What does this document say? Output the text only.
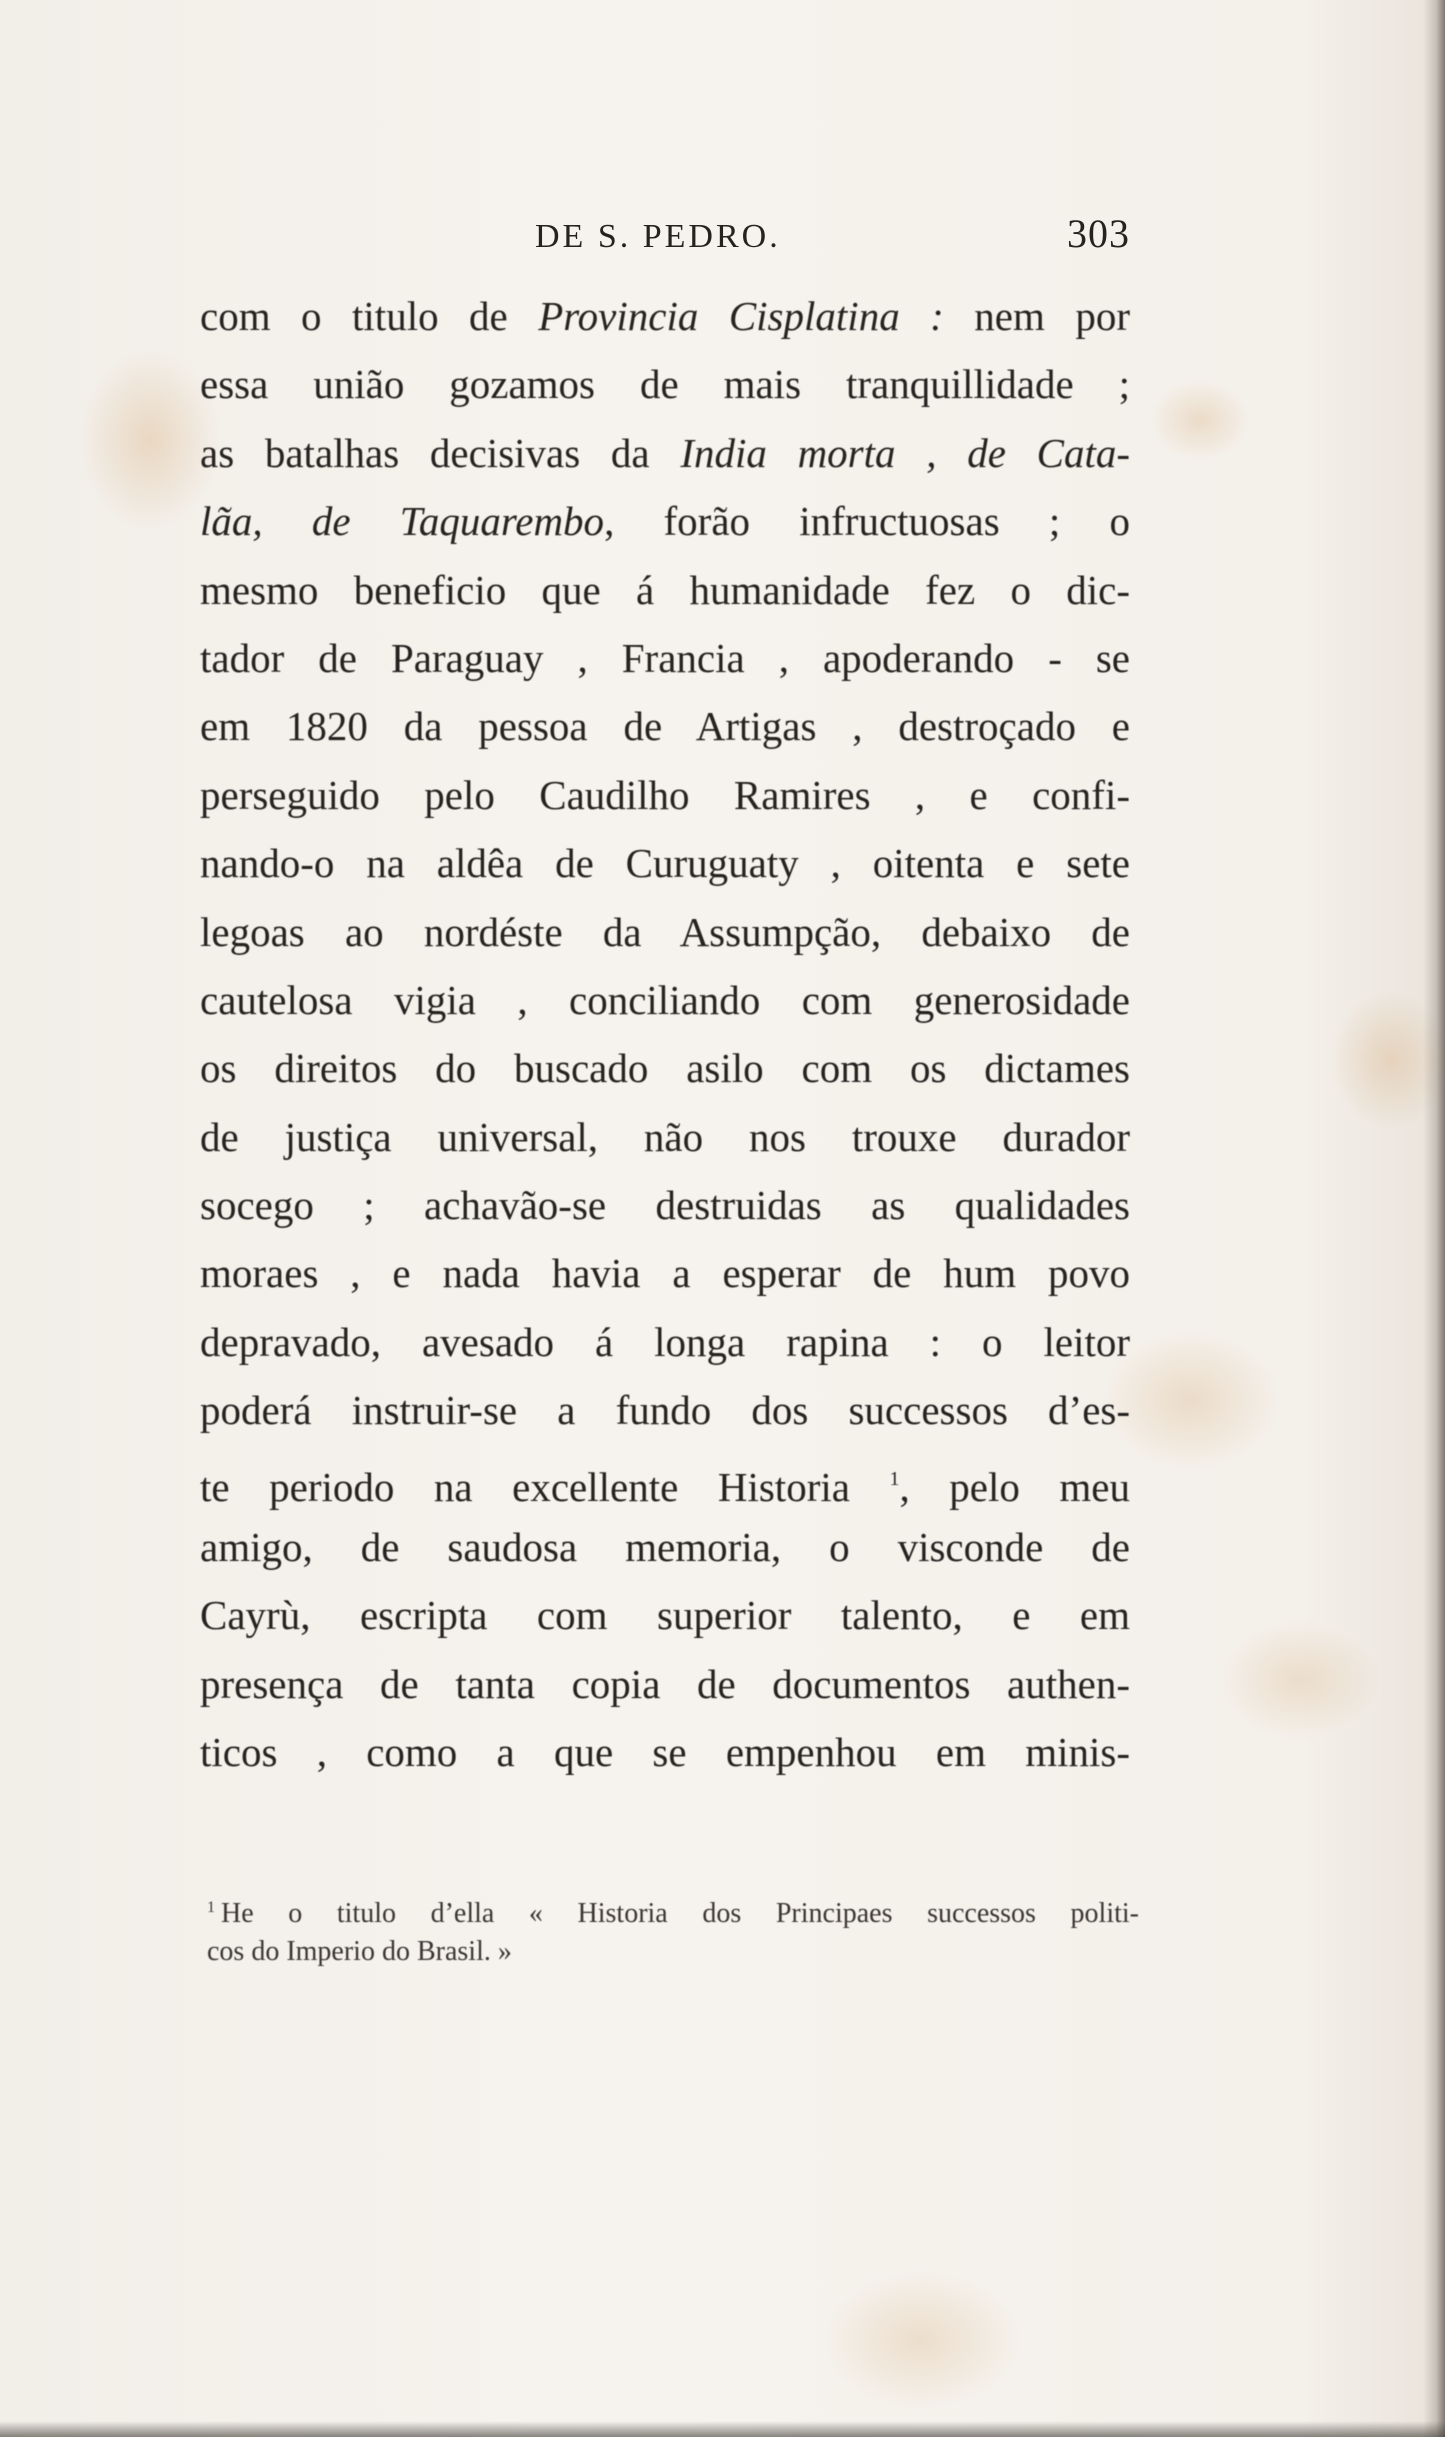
DE S. PEDRO.	303
com o titulo de Provincia Cisplatina : nem por
essa união gozamos de mais tranquillidade ;
as batalhas decisivas da India morta , de Cata-
lãa, de Taquarembo, forão infructuosas ; o
mesmo beneficio que á humanidade fez o dic-
tador de Paraguay , Francia , apoderando - se
em 1820 da pessoa de Artigas , destroçado e
perseguido pelo Caudilho Ramires , e confi-
nando-o na aldêa de Curuguaty , oitenta e sete
legoas ao nordéste da Assumpção, debaixo de
cautelosa vigia , conciliando com generosidade
os direitos do buscado asilo com os dictames
de justiça universal, não nos trouxe durador
socego ; achavão-se destruidas as qualidades
moraes , e nada havia a esperar de hum povo
depravado, avesado á longa rapina : o leitor
poderá instruir-se a fundo dos successos d’es-
te periodo na excellente Historia $^1$, pelo meu
amigo, de saudosa memoria, o visconde de
Cayrù, escripta com superior talento, e em
presença de tanta copia de documentos authen-
ticos , como a que se empenhou em minis-
$^1$ He o titulo d’ella « Historia dos Principaes successos politi-
cos do Imperio do Brasil. »
